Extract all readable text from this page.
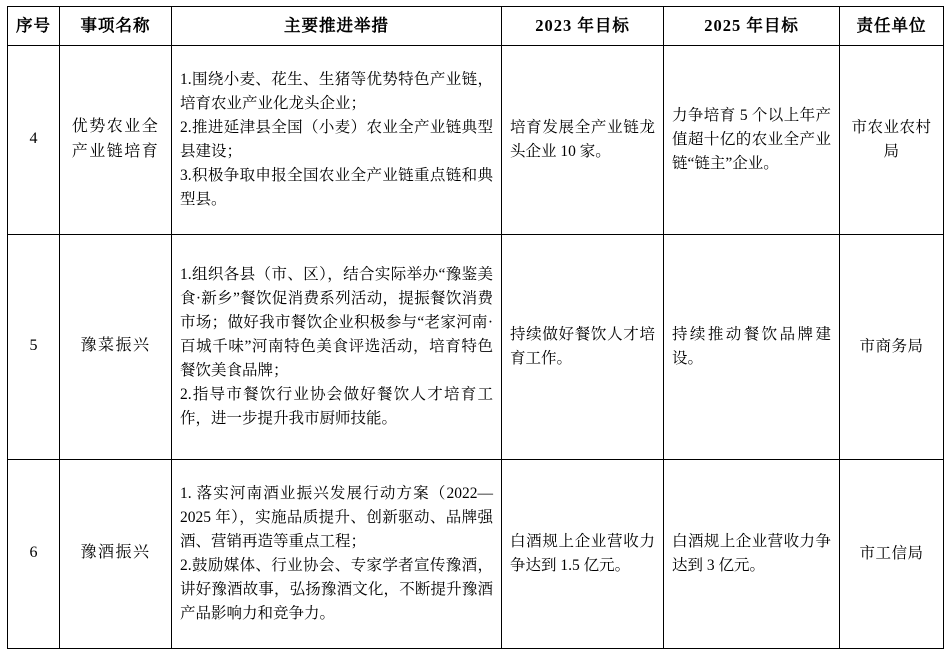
序号	事项名称	主要推进举措	2023 年目标	2025 年目标	责任单位
4	优势农业全产业链培育	1.围绕小麦、花生、生猪等优势特色产业链，培育农业产业化龙头企业；

2.推进延津县全国（小麦）农业全产业链典型县建设；

3.积极争取申报全国农业全产业链重点链和典型县。	培育发展全产业链龙头企业 10 家。	力争培育 5 个以上年产值超十亿的农业全产业链“链主”企业。	市农业农村局
5	豫菜振兴	1.组织各县（市、区），结合实际举办“豫鉴美食·新乡”餐饮促消费系列活动，提振餐饮消费市场；做好我市餐饮企业积极参与“老家河南·百城千味”河南特色美食评选活动，培育特色餐饮美食品牌；

2.指导市餐饮行业协会做好餐饮人才培育工作，进一步提升我市厨师技能。	持续做好餐饮人才培育工作。	持续推动餐饮品牌建设。	市商务局
6	豫酒振兴	1. 落实河南酒业振兴发展行动方案（2022—2025 年），实施品质提升、创新驱动、品牌强酒、营销再造等重点工程；

2.鼓励媒体、行业协会、专家学者宣传豫酒，讲好豫酒故事，弘扬豫酒文化，不断提升豫酒产品影响力和竞争力。	白酒规上企业营收力争达到 1.5 亿元。	白酒规上企业营收力争达到 3 亿元。	市工信局
